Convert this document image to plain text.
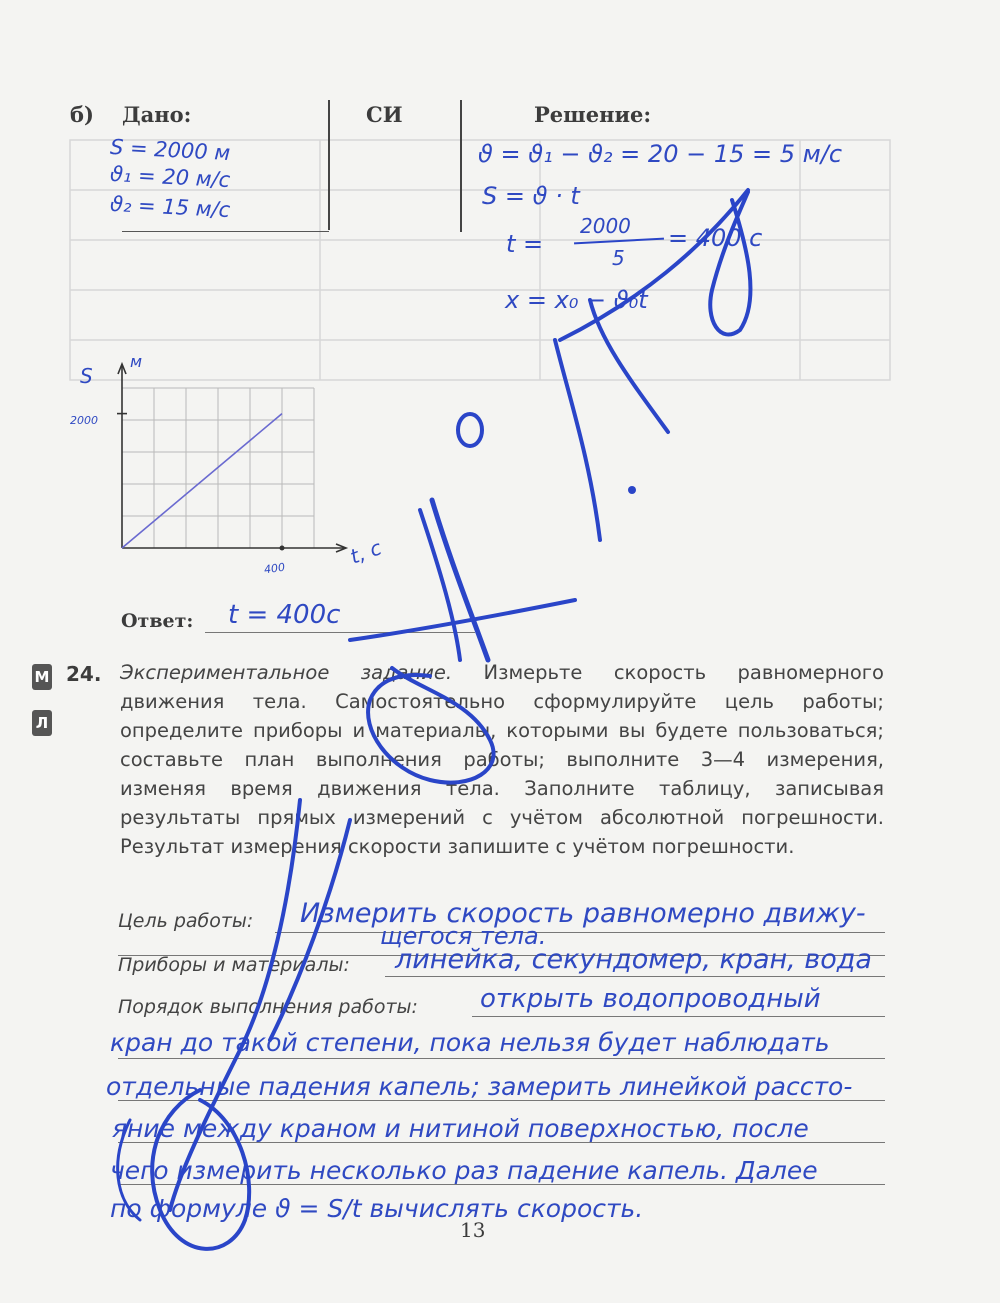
б) Дано:	СИ	Решение:
S = 2000 м
ϑ₁ = 20 м/с
ϑ₂ = 15 м/с
ϑ = ϑ₁ − ϑ₂ = 20 − 15 = 5 м/с
S = ϑ · t
t =
2000
5
= 400 с
x = x₀ − ϑ₀t
S
м
2000
400	t, с
Ответ: t = 400с
М
Л
24. Экспериментальное задание. Измерьте скорость равномерного движения тела. Самостоятельно сформулируйте цель работы; определите приборы и материалы, которыми вы будете пользоваться; составьте план выполнения работы; выполните 3—4 измерения, изменяя время движения тела. Заполните таблицу, записывая результаты прямых измерений с учётом абсолютной погрешности. Результат измерения скорости запишите с учётом погрешности.
Цель работы: Измерить скорость равномерно движу-
щегося тела.
Приборы и материалы: линейка, секундомер, кран, вода
Порядок выполнения работы: открыть водопроводный
кран до такой степени, пока нельзя будет наблюдать
отдельные падения капель; замерить линейкой рассто-
яние между краном и нитиной поверхностью, после
чего измерить несколько раз падение капель. Далее
по формуле ϑ = S/t вычислять скорость.
13
